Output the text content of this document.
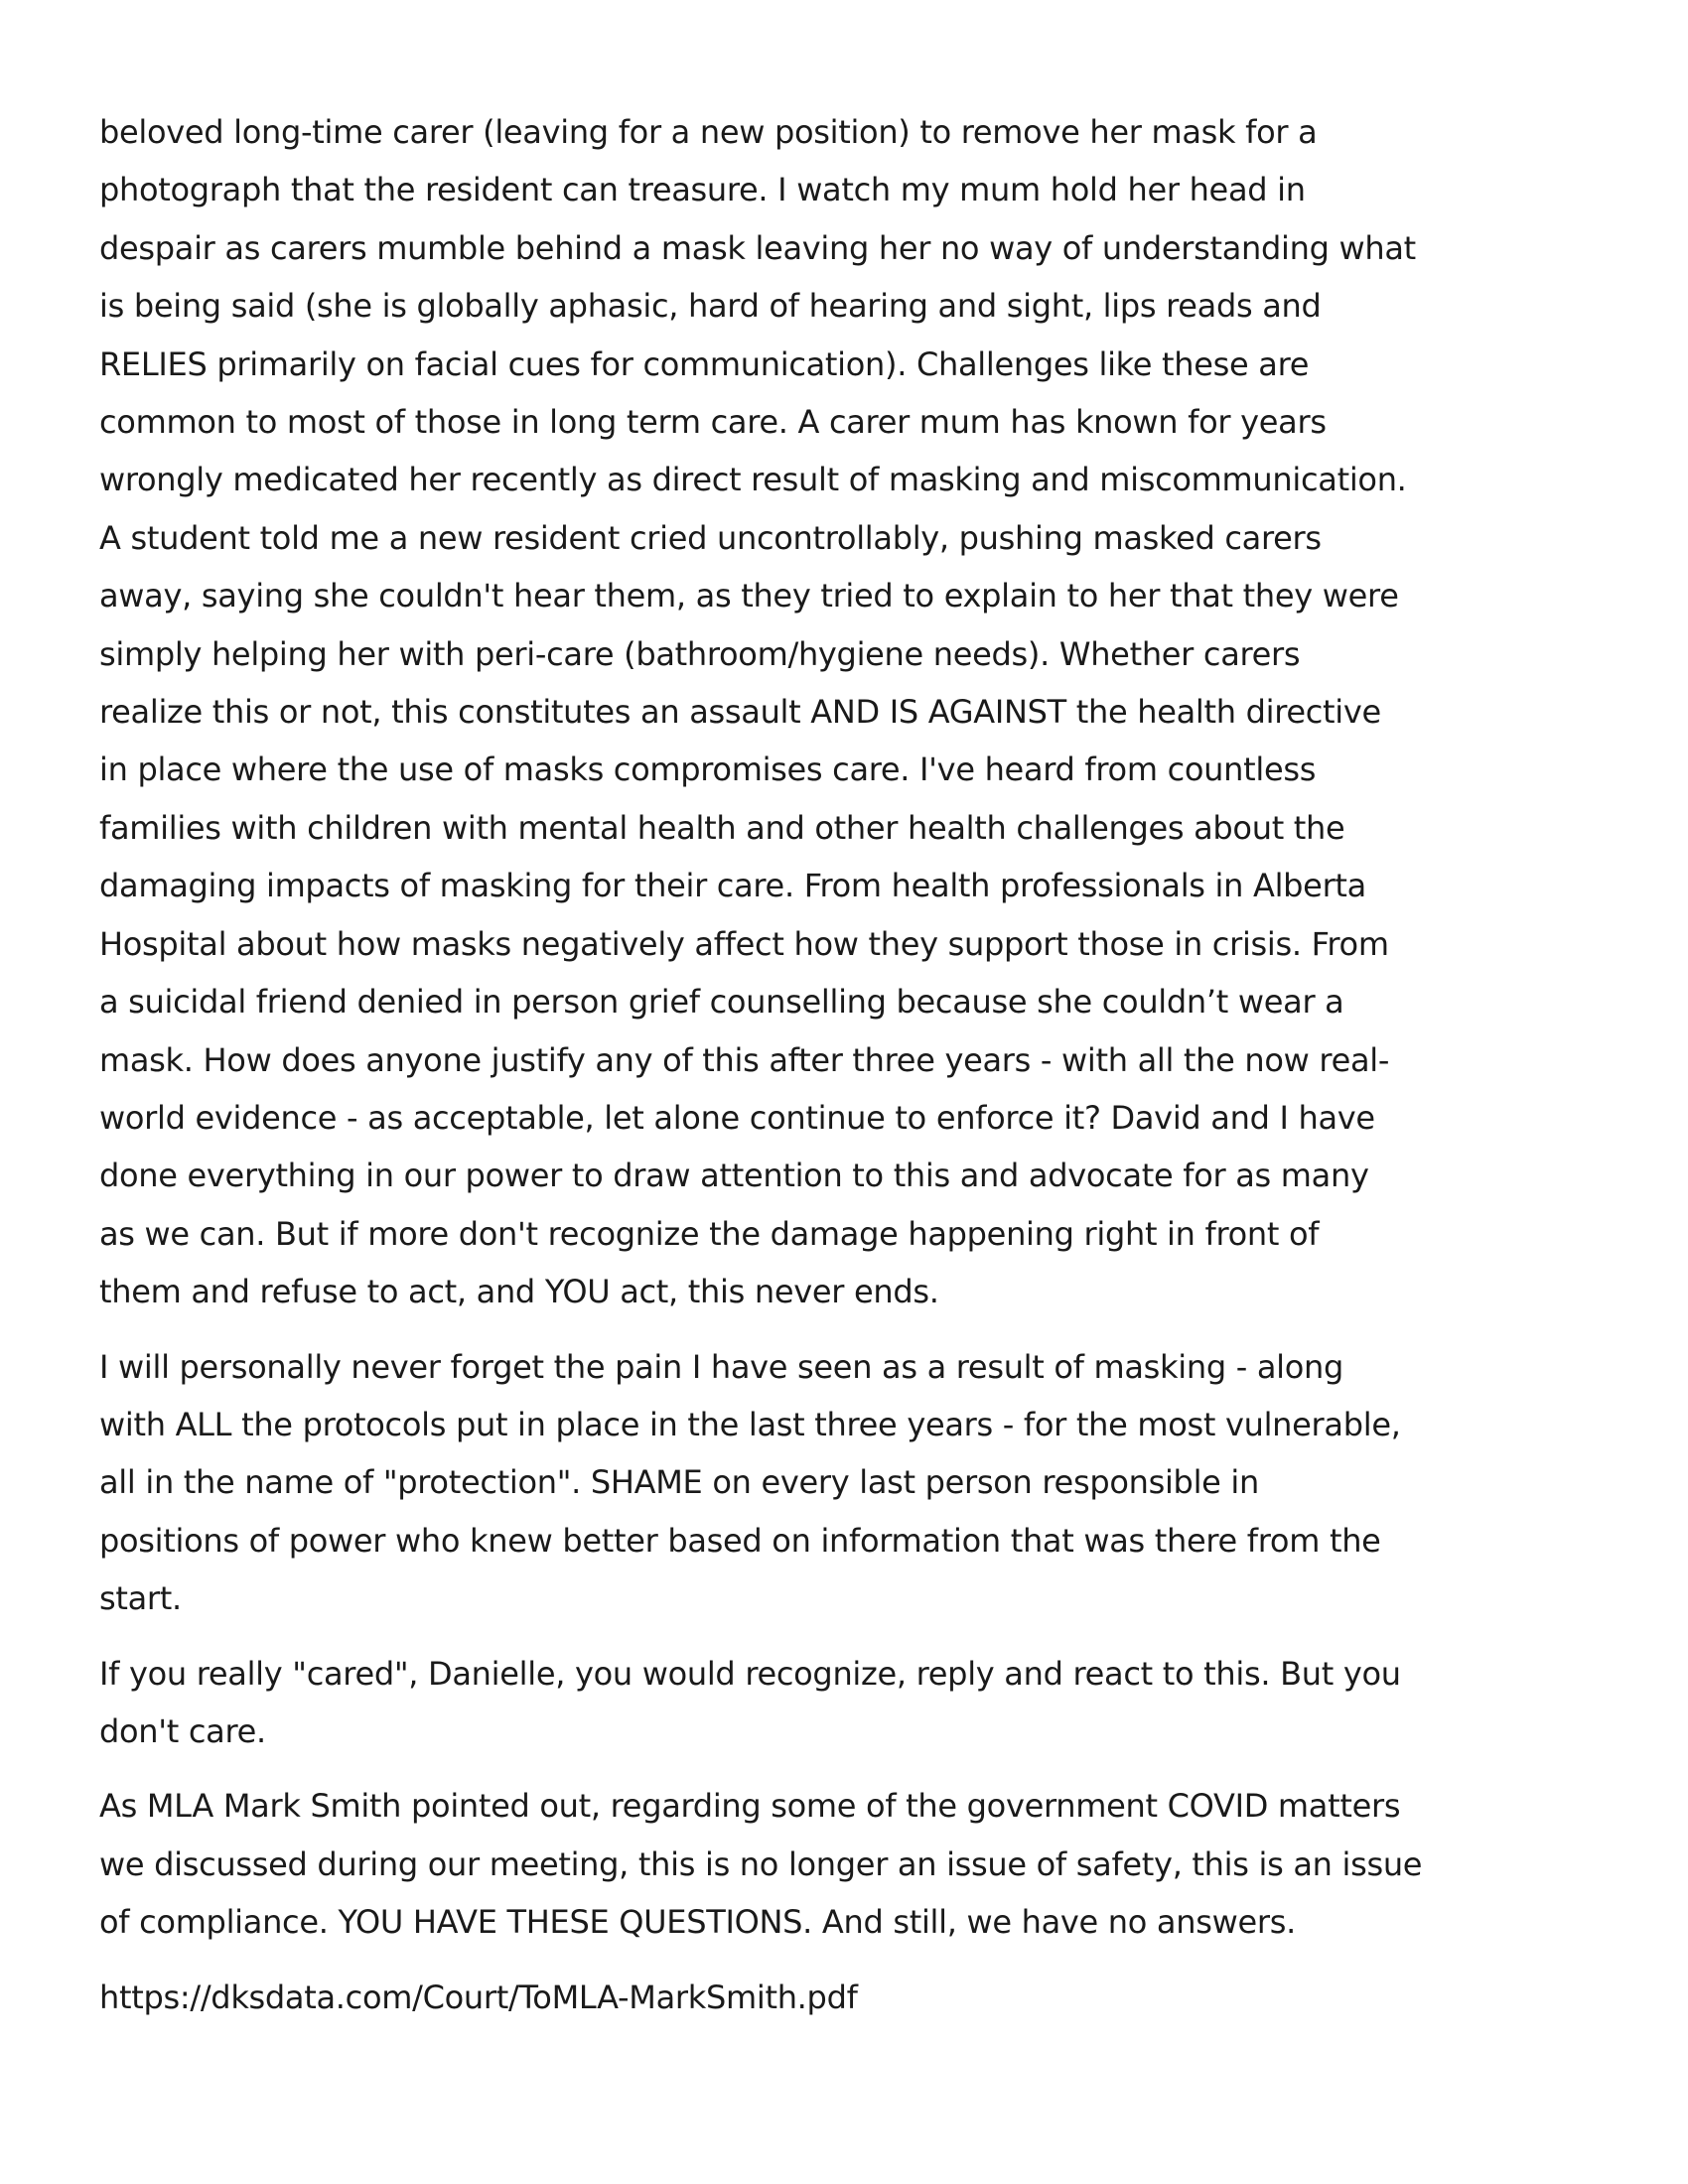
beloved long-time carer (leaving for a new position) to remove her mask for a
photograph that the resident can treasure. I watch my mum hold her head in
despair as carers mumble behind a mask leaving her no way of understanding what
is being said (she is globally aphasic, hard of hearing and sight, lips reads and
RELIES primarily on facial cues for communication). Challenges like these are
common to most of those in long term care. A carer mum has known for years
wrongly medicated her recently as direct result of masking and miscommunication.
A student told me a new resident cried uncontrollably, pushing masked carers
away, saying she couldn't hear them, as they tried to explain to her that they were
simply helping her with peri-care (bathroom/hygiene needs). Whether carers
realize this or not, this constitutes an assault AND IS AGAINST the health directive
in place where the use of masks compromises care. I've heard from countless
families with children with mental health and other health challenges about the
damaging impacts of masking for their care. From health professionals in Alberta
Hospital about how masks negatively affect how they support those in crisis. From
a suicidal friend denied in person grief counselling because she couldn’t wear a
mask. How does anyone justify any of this after three years - with all the now real-
world evidence - as acceptable, let alone continue to enforce it? David and I have
done everything in our power to draw attention to this and advocate for as many
as we can. But if more don't recognize the damage happening right in front of
them and refuse to act, and YOU act, this never ends.

I will personally never forget the pain I have seen as a result of masking - along
with ALL the protocols put in place in the last three years - for the most vulnerable,
all in the name of "protection". SHAME on every last person responsible in
positions of power who knew better based on information that was there from the
start.

If you really "cared", Danielle, you would recognize, reply and react to this. But you
don't care.

As MLA Mark Smith pointed out, regarding some of the government COVID matters
we discussed during our meeting, this is no longer an issue of safety, this is an issue
of compliance. YOU HAVE THESE QUESTIONS. And still, we have no answers.

https://dksdata.com/Court/ToMLA-MarkSmith.pdf
